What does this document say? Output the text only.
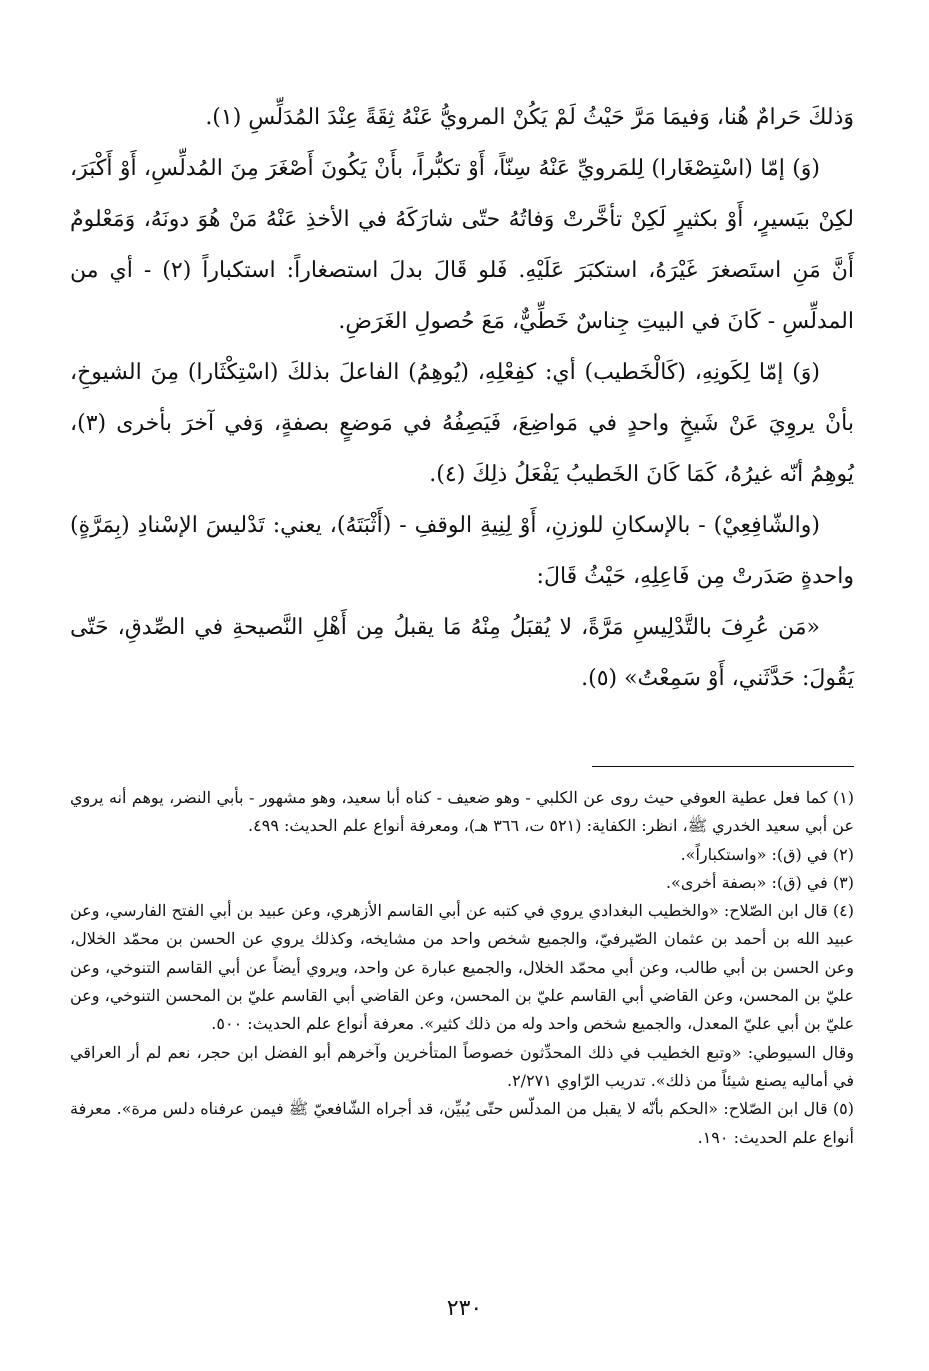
وَذلكَ حَرامٌ هُنا، وَفيمَا مَرَّ حَيْثُ لَمْ يَكُنْ المرويُّ عَنْهُ ثِقَةً عِنْدَ المُدَلِّسِ (١).

(وَ) إمّا (اسْتِصْغَارا) لِلمَرويِّ عَنْهُ سِنّاً، أَوْ تكبُّراً، بأَنْ يَكُونَ أَصْغَرَ مِنَ المُدلِّسِ، أَوْ أَكْبَرَ، لكِنْ بيَسيرٍ، أَوْ بكثيرٍ لَكِنْ تأخَّرتْ وَفاتُهُ حتّى شارَكَهُ في الأخذِ عَنْهُ مَنْ هُوَ دونَهُ، وَمَعْلومٌ أَنَّ مَنِ استَصغرَ غَيْرَهُ، استكبَرَ عَلَيْهِ. فَلو قَالَ بدلَ استصغاراً: استكباراً (٢) - أي من المدلِّسِ - كَانَ في البيتِ جِناسٌ خَطِّيٌّ، مَعَ حُصولِ الغَرَضِ.

(وَ) إمّا لِكَونِهِ، (كَالْخَطيب) أي: كفِعْلِهِ، (يُوهِمُ) الفاعلَ بذلكَ (اسْتِكْثَارا) مِنَ الشيوخِ، بأنْ يروِيَ عَنْ شَيخٍ واحدٍ في مَواضِعَ، فَيَصِفُهُ في مَوضعٍ بصفةٍ، وَفي آخرَ بأخرى (٣)، يُوهِمُ أنّه غيرُهُ، كَمَا كَانَ الخَطيبُ يَفْعَلُ ذلِكَ (٤).

(والشّافِعِيْ) - بالإسكانِ للوزنِ، أَوْ لِنِيةِ الوقفِ - (أَثْبَتَهُ)، يعني: تَدْليسَ الإسْنادِ (بِمَرَّةٍ) واحدةٍ صَدَرتْ مِن فَاعِلِهِ، حَيْثُ قَالَ:

«مَن عُرِفَ بالتَّدْلِيسِ مَرَّةً، لا يُقبَلُ مِنْهُ مَا يقبلُ مِن أَهْلِ النَّصيحةِ في الصِّدقِ، حَتّى يَقُولَ: حَدَّثَني، أَوْ سَمِعْتُ» (٥).

(١) كما فعل عطية العوفي حيث روى عن الكلبي - وهو ضعيف - كناه أبا سعيد، وهو مشهور - بأبي النضر، يوهم أنه يروي عن أبي سعيد الخدري ﷺ، انظر: الكفاية: (٥٢١ ت، ٣٦٦ هـ)، ومعرفة أنواع علم الحديث: ٤٩٩.

(٢) في (ق): «واستكباراً».

(٣) في (ق): «بصفة أخرى».

(٤) قال ابن الصّلاح: «والخطيب البغدادي يروي في كتبه عن أبي القاسم الأزهري، وعن عبيد بن أبي الفتح الفارسي، وعن عبيد الله بن أحمد بن عثمان الصّيرفيّ، والجميع شخص واحد من مشايخه، وكذلك يروي عن الحسن بن محمّد الخلال، وعن الحسن بن أبي طالب، وعن أبي محمّد الخلال، والجميع عبارة عن واحد، ويروي أيضاً عن أبي القاسم التنوخي، وعن عليّ بن المحسن، وعن القاضي أبي القاسم عليّ بن المحسن، وعن القاضي أبي القاسم عليّ بن المحسن التنوخي، وعن عليّ بن أبي عليّ المعدل، والجميع شخص واحد وله من ذلك كثير». معرفة أنواع علم الحديث: ٥٠٠.

وقال السيوطي: «وتبع الخطيب في ذلك المحدِّثون خصوصاً المتأخرين وآخرهم أبو الفضل ابن حجر، نعم لم أر العراقي في أماليه يصنع شيئاً من ذلك». تدريب الرّاوي ٢/٢٧١.

(٥) قال ابن الصّلاح: «الحكم بأنّه لا يقبل من المدلّس حتّى يُبيِّن، قد أجراه الشّافعيّ ﷺ فيمن عرفناه دلس مرة». معرفة أنواع علم الحديث: ١٩٠.

٢٣٠
